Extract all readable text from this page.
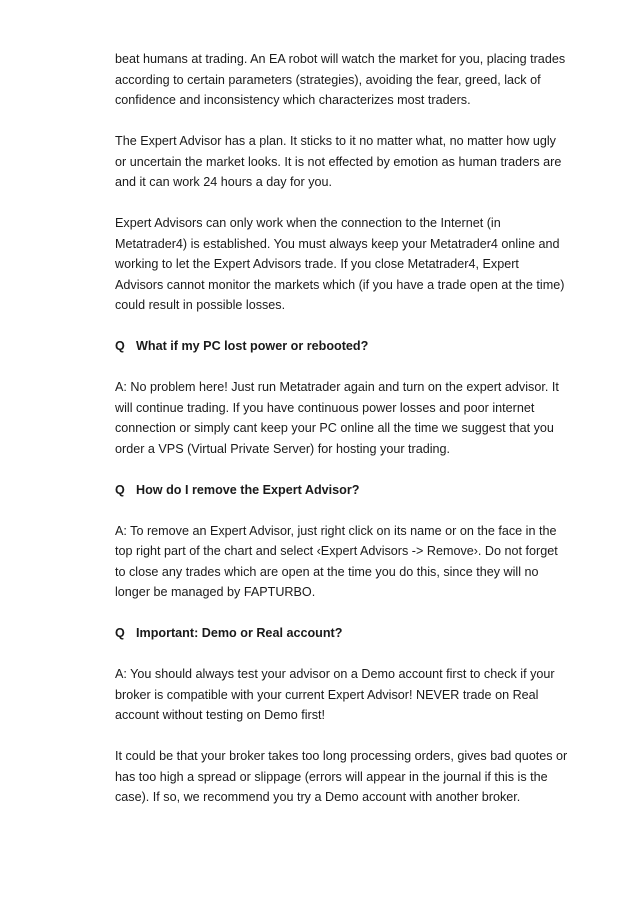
beat humans at trading. An EA robot will watch the market for you, placing trades
according to certain parameters (strategies), avoiding the fear, greed, lack of
confidence and inconsistency which characterizes most traders.

The Expert Advisor has a plan. It sticks to it no matter what, no matter how ugly
or uncertain the market looks. It is not effected by emotion as human traders are
and it can work 24 hours a day for you.

Expert Advisors can only work when the connection to the Internet (in
Metatrader4) is established. You must always keep your Metatrader4 online and
working to let the Expert Advisors trade. If you close Metatrader4, Expert
Advisors cannot monitor the markets which (if you have a trade open at the time)
could result in possible losses.

Q What if my PC lost power or rebooted?

A: No problem here! Just run Metatrader again and turn on the expert advisor. It
will continue trading. If you have continuous power losses and poor internet
connection or simply cant keep your PC online all the time we suggest that you
order a VPS (Virtual Private Server) for hosting your trading.

Q How do I remove the Expert Advisor?

A: To remove an Expert Advisor, just right click on its name or on the face in the
top right part of the chart and select ‹Expert Advisors -> Remove›. Do not forget
to close any trades which are open at the time you do this, since they will no
longer be managed by FAPTURBO.

Q Important: Demo or Real account?

A: You should always test your advisor on a Demo account first to check if your
broker is compatible with your current Expert Advisor! NEVER trade on Real
account without testing on Demo first!

It could be that your broker takes too long processing orders, gives bad quotes or
has too high a spread or slippage (errors will appear in the journal if this is the
case). If so, we recommend you try a Demo account with another broker.
